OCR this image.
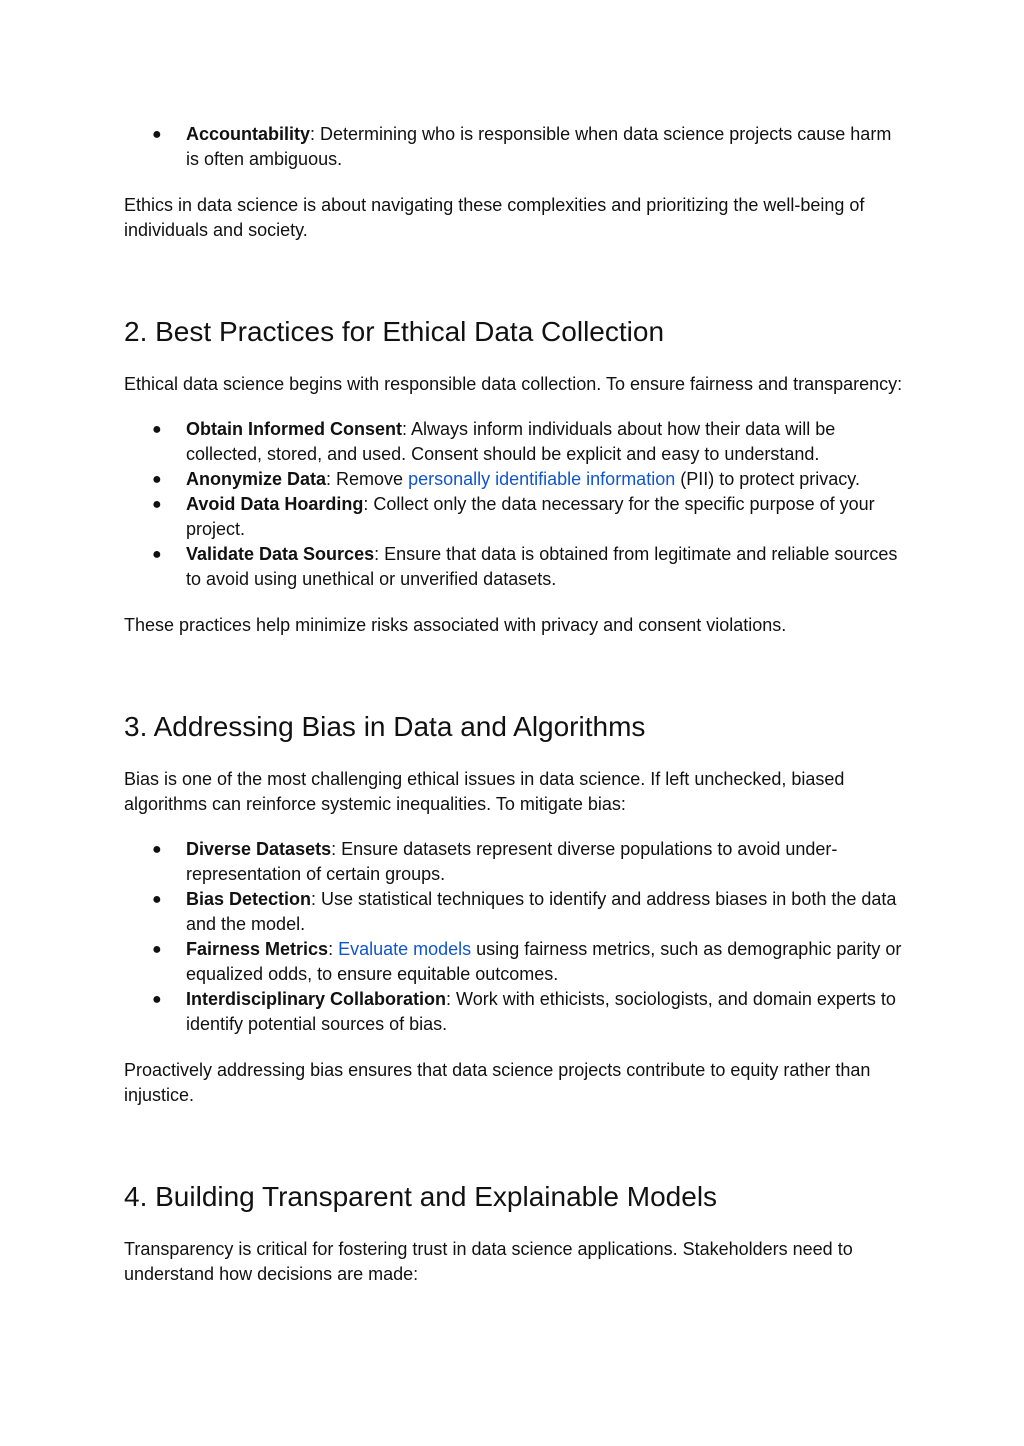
● Accountability: Determining who is responsible when data science projects cause harm is often ambiguous.

Ethics in data science is about navigating these complexities and prioritizing the well-being of individuals and society.

2. Best Practices for Ethical Data Collection

Ethical data science begins with responsible data collection. To ensure fairness and transparency:

● Obtain Informed Consent: Always inform individuals about how their data will be collected, stored, and used. Consent should be explicit and easy to understand.
● Anonymize Data: Remove personally identifiable information (PII) to protect privacy.
● Avoid Data Hoarding: Collect only the data necessary for the specific purpose of your project.
● Validate Data Sources: Ensure that data is obtained from legitimate and reliable sources to avoid using unethical or unverified datasets.

These practices help minimize risks associated with privacy and consent violations.

3. Addressing Bias in Data and Algorithms

Bias is one of the most challenging ethical issues in data science. If left unchecked, biased algorithms can reinforce systemic inequalities. To mitigate bias:

● Diverse Datasets: Ensure datasets represent diverse populations to avoid under-representation of certain groups.
● Bias Detection: Use statistical techniques to identify and address biases in both the data and the model.
● Fairness Metrics: Evaluate models using fairness metrics, such as demographic parity or equalized odds, to ensure equitable outcomes.
● Interdisciplinary Collaboration: Work with ethicists, sociologists, and domain experts to identify potential sources of bias.

Proactively addressing bias ensures that data science projects contribute to equity rather than injustice.

4. Building Transparent and Explainable Models

Transparency is critical for fostering trust in data science applications. Stakeholders need to understand how decisions are made:
